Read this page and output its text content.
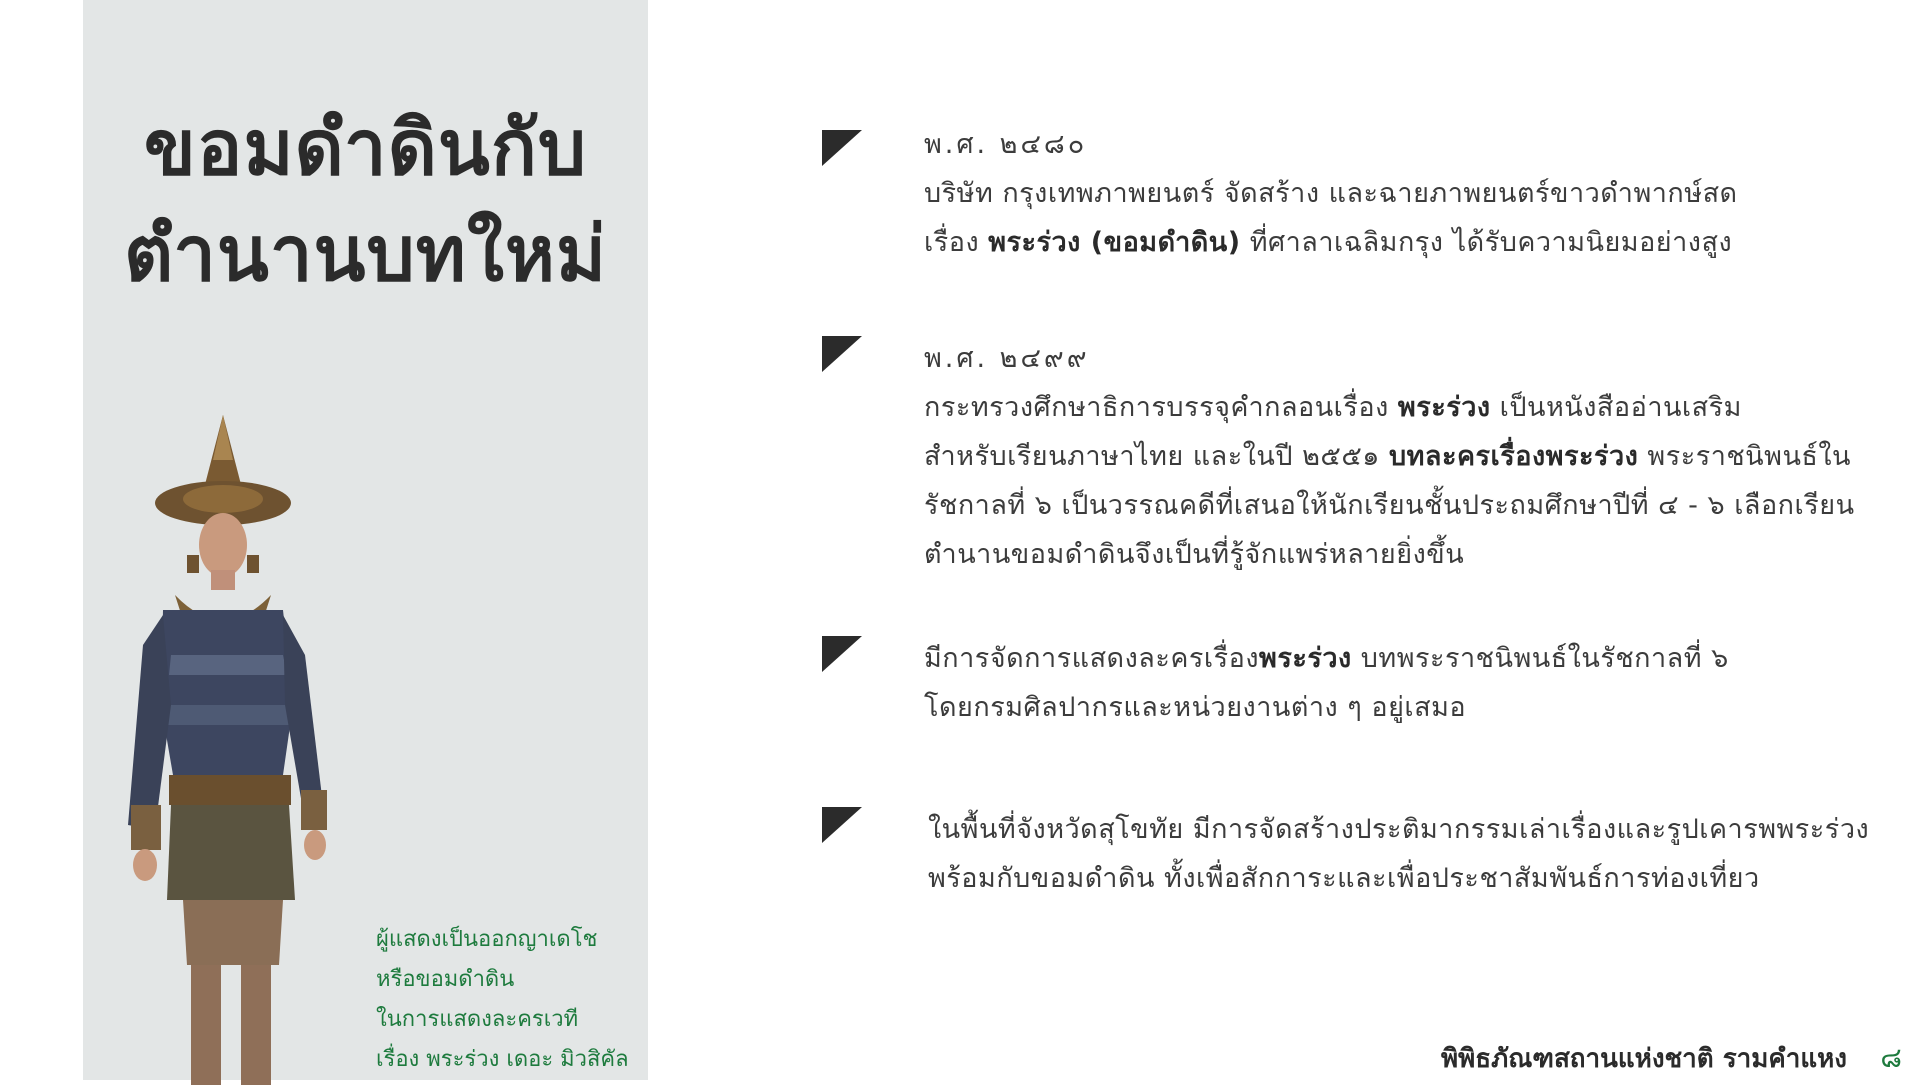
ขอมดำดินกับ
ตำนานบทใหม่
ผู้แสดงเป็นออกญาเดโช
หรือขอมดำดิน
ในการแสดงละครเวที
เรื่อง พระร่วง เดอะ มิวสิคัล
พ.ศ. ๒๔๘๐
บริษัท กรุงเทพภาพยนตร์ จัดสร้าง และฉายภาพยนตร์ขาวดำพากษ์สด
เรื่อง พระร่วง (ขอมดำดิน) ที่ศาลาเฉลิมกรุง ได้รับความนิยมอย่างสูง
พ.ศ. ๒๔๙๙
กระทรวงศึกษาธิการบรรจุคำกลอนเรื่อง พระร่วง เป็นหนังสืออ่านเสริม
สำหรับเรียนภาษาไทย และในปี ๒๕๕๑ บทละครเรื่องพระร่วง พระราชนิพนธ์ใน
รัชกาลที่ ๖ เป็นวรรณคดีที่เสนอให้นักเรียนชั้นประถมศึกษาปีที่ ๔ - ๖ เลือกเรียน
ตำนานขอมดำดินจึงเป็นที่รู้จักแพร่หลายยิ่งขึ้น
มีการจัดการแสดงละครเรื่องพระร่วง บทพระราชนิพนธ์ในรัชกาลที่ ๖
โดยกรมศิลปากรและหน่วยงานต่าง ๆ อยู่เสมอ
ในพื้นที่จังหวัดสุโขทัย มีการจัดสร้างประติมากรรมเล่าเรื่องและรูปเคารพพระร่วง
พร้อมกับขอมดำดิน ทั้งเพื่อสักการะและเพื่อประชาสัมพันธ์การท่องเที่ยว
พิพิธภัณฑสถานแห่งชาติ รามคำแหง ๘
